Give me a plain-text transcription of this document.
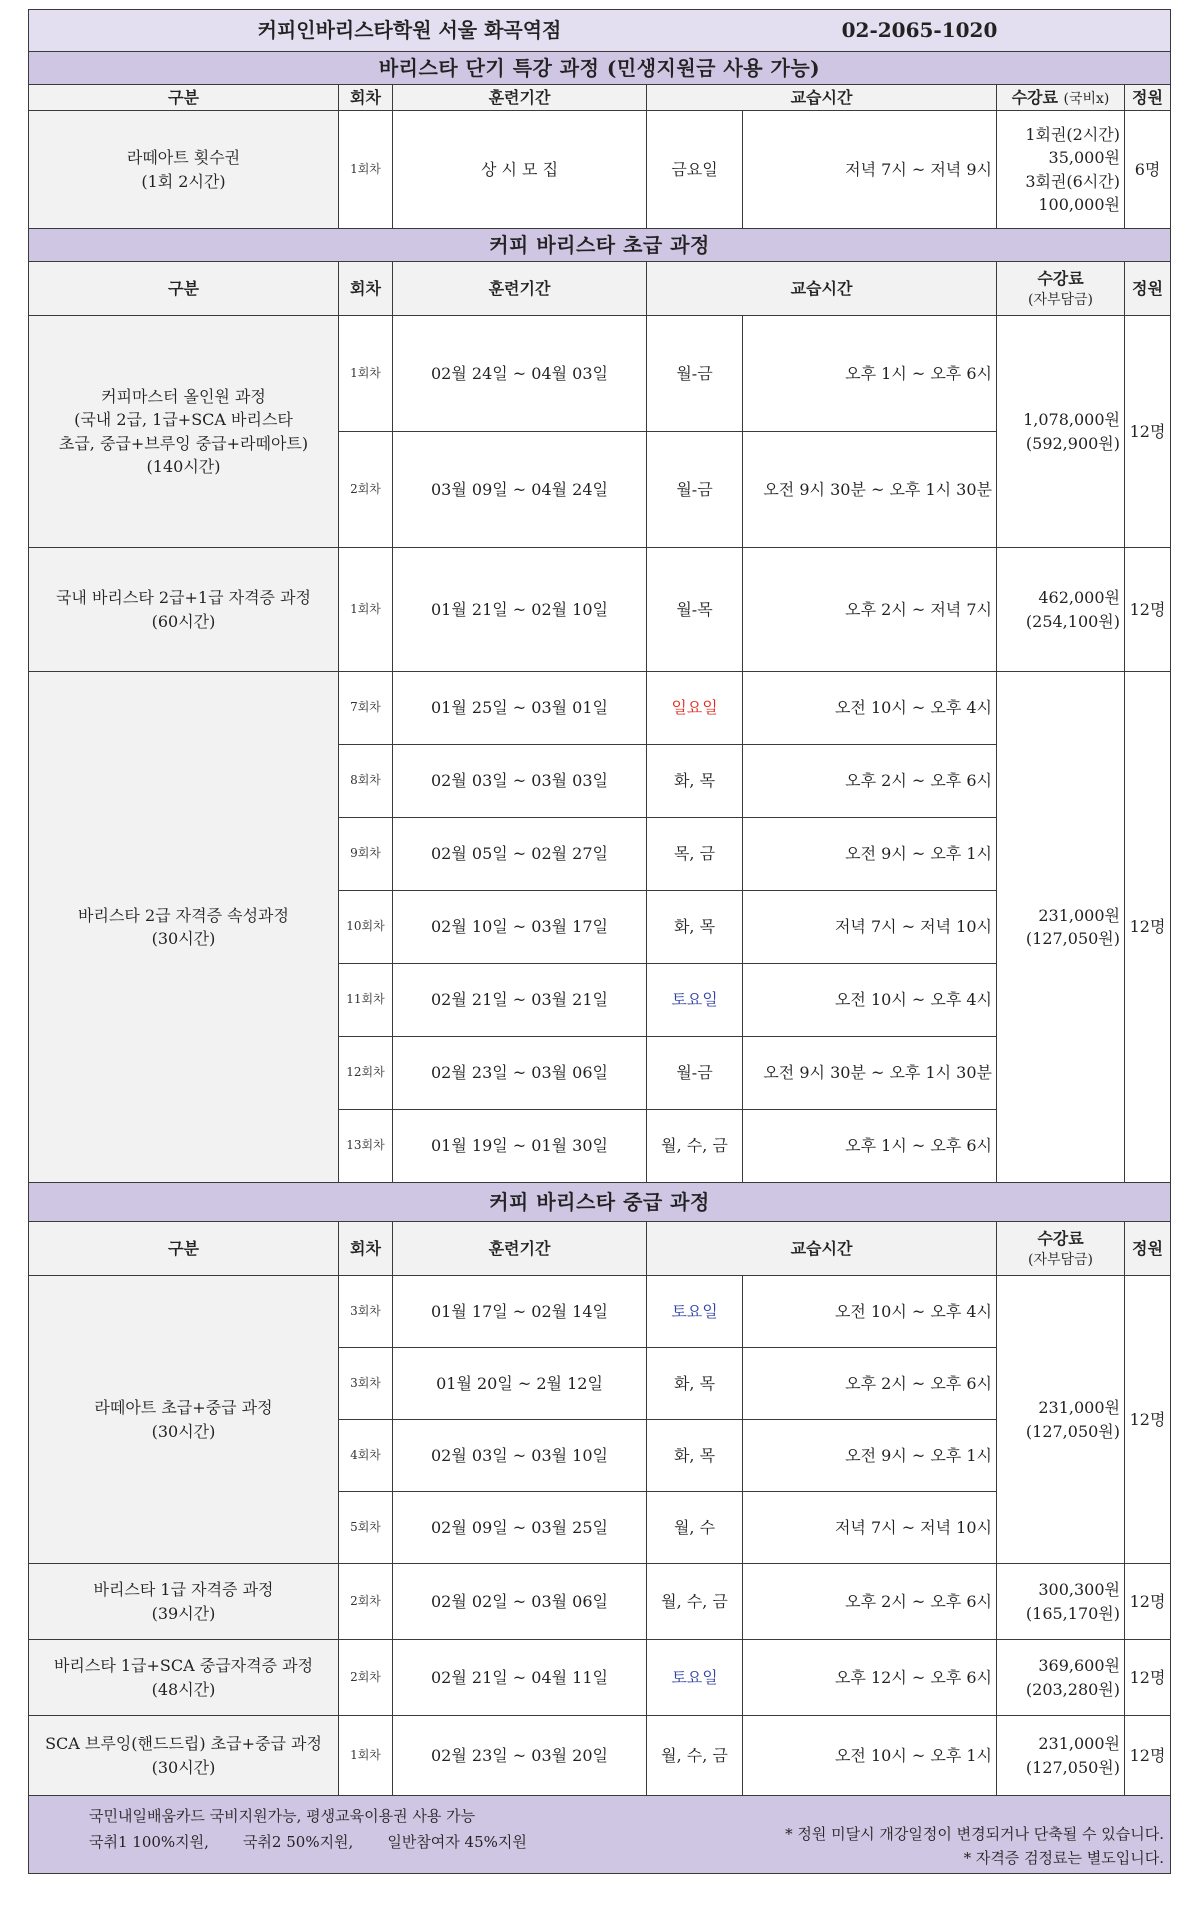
커피인바리스타학원 서울 화곡역점 02-2065-1020						
바리스타 단기 특강 과정 (민생지원금 사용 가능)						
구분	회차	훈련기간	교습시간		수강료 (국비x)	정원

라떼아트 횟수권
(1회 2시간)	1회차	상 시 모 집	금요일	저녁 7시 ~ 저녁 9시	1회권(2시간)
35,000원
3회권(6시간)
100,000원	6명
커피 바리스타 초급 과정						
구분	회차	훈련기간	교습시간		수강료
(자부담금)	정원

커피마스터 올인원 과정
(국내 2급, 1급+SCA 바리스타
초급, 중급+브루잉 중급+라떼아트)
(140시간)	1회차	02월 24일 ~ 04월 03일	월-금	오후 1시 ~ 오후 6시	1,078,000원
(592,900원)	12명
	2회차	03월 09일 ~ 04월 24일	월-금	오전 9시 30분 ~ 오후 1시 30분		

국내 바리스타 2급+1급 자격증 과정
(60시간)	1회차	01월 21일 ~ 02월 10일	월-목	오후 2시 ~ 저녁 7시	462,000원
(254,100원)	12명

바리스타 2급 자격증 속성과정
(30시간)	7회차	01월 25일 ~ 03월 01일	일요일	오전 10시 ~ 오후 4시	231,000원
(127,050원)	12명
	8회차	02월 03일 ~ 03월 03일	화, 목	오후 2시 ~ 오후 6시		
	9회차	02월 05일 ~ 02월 27일	목, 금	오전 9시 ~ 오후 1시		
	10회차	02월 10일 ~ 03월 17일	화, 목	저녁 7시 ~ 저녁 10시		
	11회차	02월 21일 ~ 03월 21일	토요일	오전 10시 ~ 오후 4시		
	12회차	02월 23일 ~ 03월 06일	월-금	오전 9시 30분 ~ 오후 1시 30분		
	13회차	01월 19일 ~ 01월 30일	월, 수, 금	오후 1시 ~ 오후 6시		
커피 바리스타 중급 과정						
구분	회차	훈련기간	교습시간		수강료
(자부담금)	정원

라떼아트 초급+중급 과정
(30시간)	3회차	01월 17일 ~ 02월 14일	토요일	오전 10시 ~ 오후 4시	231,000원
(127,050원)	12명
	3회차	01월 20일 ~ 2월 12일	화, 목	오후 2시 ~ 오후 6시		
	4회차	02월 03일 ~ 03월 10일	화, 목	오전 9시 ~ 오후 1시		
	5회차	02월 09일 ~ 03월 25일	월, 수	저녁 7시 ~ 저녁 10시		

바리스타 1급 자격증 과정
(39시간)	2회차	02월 02일 ~ 03월 06일	월, 수, 금	오후 2시 ~ 오후 6시	300,300원
(165,170원)	12명

바리스타 1급+SCA 중급자격증 과정
(48시간)	2회차	02월 21일 ~ 04월 11일	토요일	오후 12시 ~ 오후 6시	369,600원
(203,280원)	12명

SCA 브루잉(핸드드립) 초급+중급 과정
(30시간)	1회차	02월 23일 ~ 03월 20일	월, 수, 금	오전 10시 ~ 오후 1시	231,000원
(127,050원)	12명

국민내일배움카드 국비지원가능, 평생교육이용권 사용 가능
국취1 100%지원, 국취2 50%지원, 일반참여자 45%지원 * 정원 미달시 개강일정이 변경되거나 단축될 수 있습니다.
* 자격증 검정료는 별도입니다.						
